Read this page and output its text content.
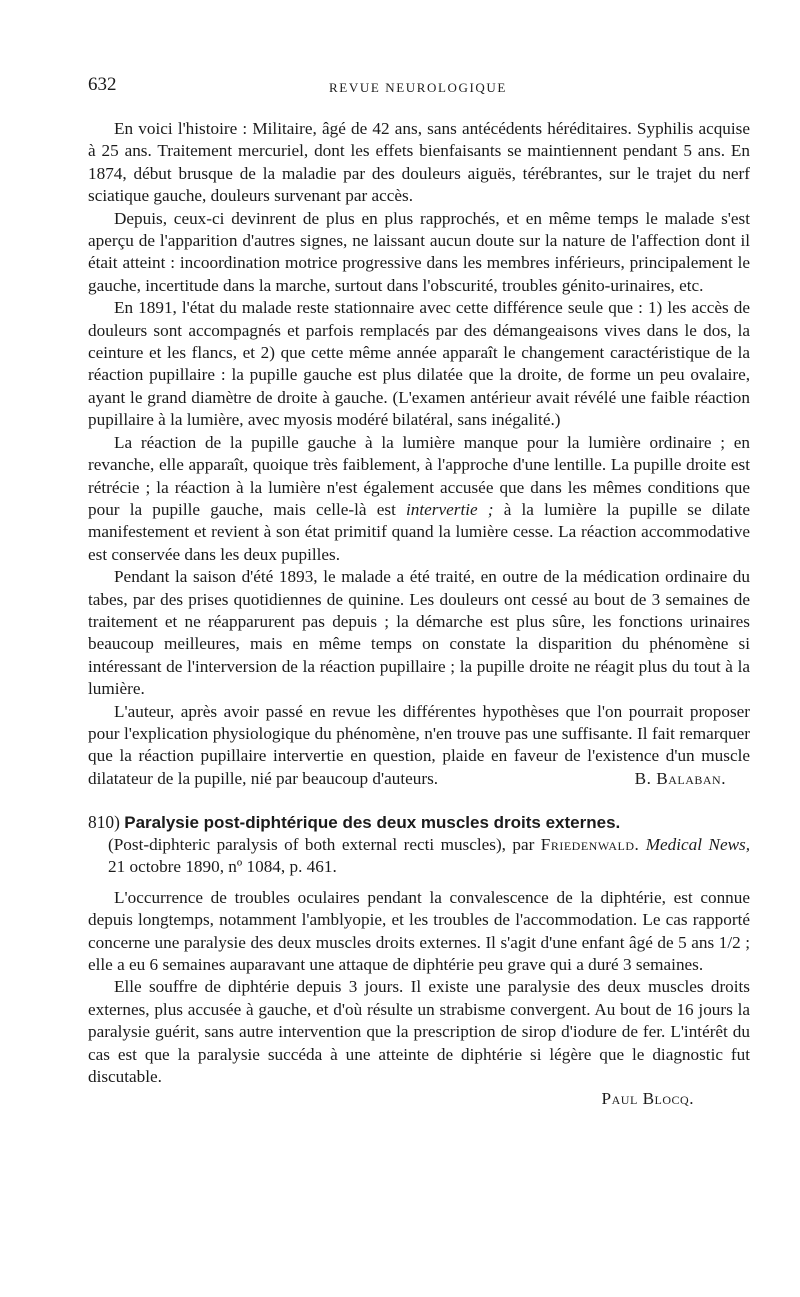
632	REVUE NEUROLOGIQUE

En voici l'histoire : Militaire, âgé de 42 ans, sans antécédents héréditaires. Syphilis acquise à 25 ans. Traitement mercuriel, dont les effets bienfaisants se maintiennent pendant 5 ans. En 1874, début brusque de la maladie par des douleurs aiguës, térébrantes, sur le trajet du nerf sciatique gauche, douleurs survenant par accès.

Depuis, ceux-ci devinrent de plus en plus rapprochés, et en même temps le malade s'est aperçu de l'apparition d'autres signes, ne laissant aucun doute sur la nature de l'affection dont il était atteint : incoordination motrice progressive dans les membres inférieurs, principalement le gauche, incertitude dans la marche, surtout dans l'obscurité, troubles génito-urinaires, etc.

En 1891, l'état du malade reste stationnaire avec cette différence seule que : 1) les accès de douleurs sont accompagnés et parfois remplacés par des démangeaisons vives dans le dos, la ceinture et les flancs, et 2) que cette même année apparaît le changement caractéristique de la réaction pupillaire : la pupille gauche est plus dilatée que la droite, de forme un peu ovalaire, ayant le grand diamètre de droite à gauche. (L'examen antérieur avait révélé une faible réaction pupillaire à la lumière, avec myosis modéré bilatéral, sans inégalité.)

La réaction de la pupille gauche à la lumière manque pour la lumière ordinaire ; en revanche, elle apparaît, quoique très faiblement, à l'approche d'une lentille. La pupille droite est rétrécie ; la réaction à la lumière n'est également accusée que dans les mêmes conditions que pour la pupille gauche, mais celle-là est intervertie ; à la lumière la pupille se dilate manifestement et revient à son état primitif quand la lumière cesse. La réaction accommodative est conservée dans les deux pupilles.

Pendant la saison d'été 1893, le malade a été traité, en outre de la médication ordinaire du tabes, par des prises quotidiennes de quinine. Les douleurs ont cessé au bout de 3 semaines de traitement et ne réapparurent pas depuis ; la démarche est plus sûre, les fonctions urinaires beaucoup meilleures, mais en même temps on constate la disparition du phénomène si intéressant de l'interversion de la réaction pupillaire ; la pupille droite ne réagit plus du tout à la lumière.

L'auteur, après avoir passé en revue les différentes hypothèses que l'on pourrait proposer pour l'explication physiologique du phénomène, n'en trouve pas une suffisante. Il fait remarquer que la réaction pupillaire intervertie en question, plaide en faveur de l'existence d'un muscle dilatateur de la pupille, nié par beaucoup d'auteurs.	B. Balaban.

810) Paralysie post-diphtérique des deux muscles droits externes.

(Post-diphteric paralysis of both external recti muscles), par Friedenwald. Medical News, 21 octobre 1890, nº 1084, p. 461.

L'occurrence de troubles oculaires pendant la convalescence de la diphtérie, est connue depuis longtemps, notamment l'amblyopie, et les troubles de l'accommodation. Le cas rapporté concerne une paralysie des deux muscles droits externes. Il s'agit d'une enfant âgé de 5 ans 1/2 ; elle a eu 6 semaines auparavant une attaque de diphtérie peu grave qui a duré 3 semaines.

Elle souffre de diphtérie depuis 3 jours. Il existe une paralysie des deux muscles droits externes, plus accusée à gauche, et d'où résulte un strabisme convergent. Au bout de 16 jours la paralysie guérit, sans autre intervention que la prescription de sirop d'iodure de fer. L'intérêt du cas est que la paralysie succéda à une atteinte de diphtérie si légère que le diagnostic fut discutable.

Paul Blocq.
